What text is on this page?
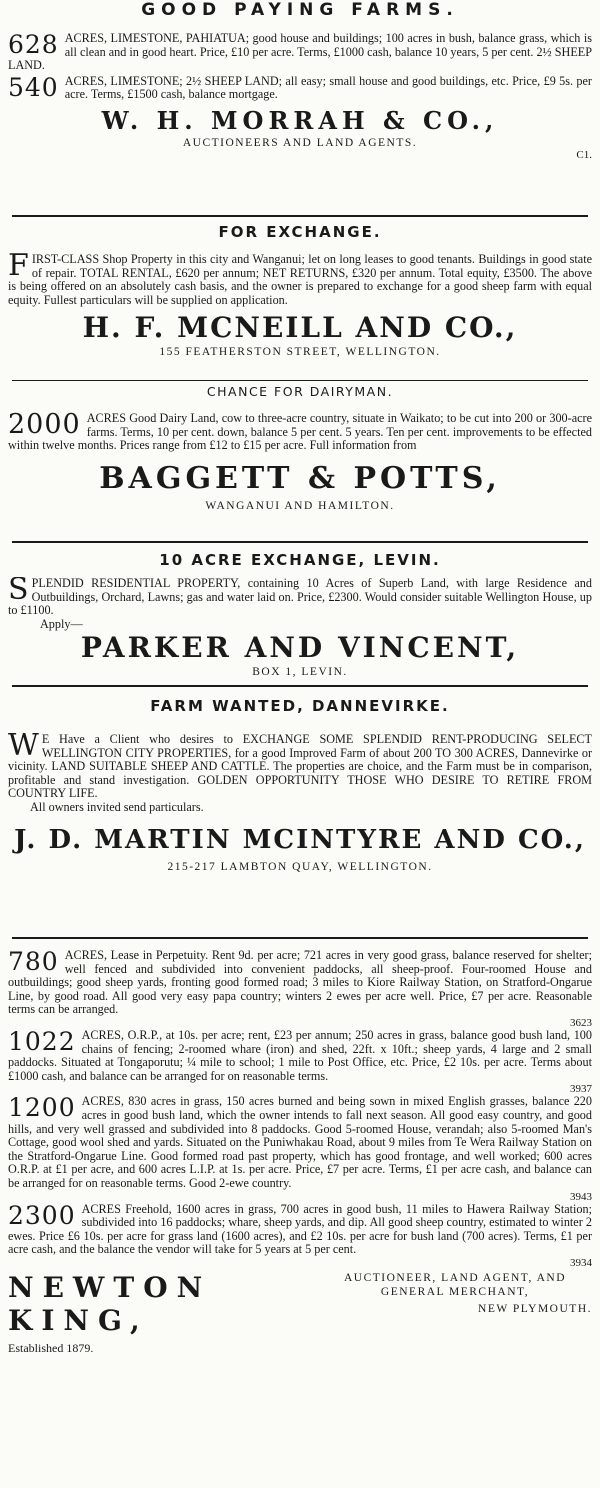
GOOD PAYING FARMS.
628 ACRES, LIMESTONE, PAHIATUA; good house and buildings; 100 acres in bush, balance grass, which is all clean and in good heart. Price, £10 per acre. Terms, £1000 cash, balance 10 years, 5 per cent. 2½ SHEEP LAND.
540 ACRES, LIMESTONE; 2½ SHEEP LAND; all easy; small house and good buildings, etc. Price, £9 5s. per acre. Terms, £1500 cash, balance mortgage.
W. H. MORRAH & CO.,
AUCTIONEERS AND LAND AGENTS.
C1.
FOR EXCHANGE.
F IRST-CLASS Shop Property in this city and Wanganui; let on long leases to good tenants. Buildings in good state of repair. TOTAL RENTAL, £620 per annum; NET RETURNS, £320 per annum. Total equity, £3500. The above is being offered on an absolutely cash basis, and the owner is prepared to exchange for a good sheep farm with equal equity. Fullest particulars will be supplied on application.
H. F. MCNEILL AND CO.,
155 FEATHERSTON STREET, WELLINGTON.
CHANCE FOR DAIRYMAN.
2000 ACRES Good Dairy Land, cow to three-acre country, situate in Waikato; to be cut into 200 or 300-acre farms. Terms, 10 per cent. down, balance 5 per cent. 5 years. Ten per cent. improvements to be effected within twelve months. Prices range from £12 to £15 per acre. Full information from
BAGGETT & POTTS,
WANGANUI AND HAMILTON.
10 ACRE EXCHANGE, LEVIN.
S PLENDID RESIDENTIAL PROPERTY, containing 10 Acres of Superb Land, with large Residence and Outbuildings, Orchard, Lawns; gas and water laid on. Price, £2300. Would consider suitable Wellington House, up to £1100.
Apply—
PARKER AND VINCENT,
BOX 1, LEVIN.
FARM WANTED, DANNEVIRKE.
W E Have a Client who desires to EXCHANGE SOME SPLENDID RENT-PRODUCING SELECT WELLINGTON CITY PROPERTIES, for a good Improved Farm of about 200 TO 300 ACRES, Dannevirke or vicinity. LAND SUITABLE SHEEP AND CATTLE. The properties are choice, and the Farm must be in comparison, profitable and stand investigation. GOLDEN OPPORTUNITY THOSE WHO DESIRE TO RETIRE FROM COUNTRY LIFE.
All owners invited send particulars.
J. D. MARTIN MCINTYRE AND CO.,
215-217 LAMBTON QUAY, WELLINGTON.
780 ACRES, Lease in Perpetuity. Rent 9d. per acre; 721 acres in very good grass, balance reserved for shelter; well fenced and subdivided into convenient paddocks, all sheep-proof. Four-roomed House and outbuildings; good sheep yards, fronting good formed road; 3 miles to Kiore Railway Station, on Stratford-Ongarue Line, by good road. All good very easy papa country; winters 2 ewes per acre well. Price, £7 per acre. Reasonable terms can be arranged.
3623
1022 ACRES, O.R.P., at 10s. per acre; rent, £23 per annum; 250 acres in grass, balance good bush land, 100 chains of fencing; 2-roomed whare (iron) and shed, 22ft. x 10ft.; sheep yards, 4 large and 2 small paddocks. Situated at Tongaporutu; ¼ mile to school; 1 mile to Post Office, etc. Price, £2 10s. per acre. Terms about £1000 cash, and balance can be arranged for on reasonable terms.
3937
1200 ACRES, 830 acres in grass, 150 acres burned and being sown in mixed English grasses, balance 220 acres in good bush land, which the owner intends to fall next season. All good easy country, and good hills, and very well grassed and subdivided into 8 paddocks. Good 5-roomed House, verandah; also 5-roomed Man's Cottage, good wool shed and yards. Situated on the Puniwhakau Road, about 9 miles from Te Wera Railway Station on the Stratford-Ongarue Line. Good formed road past property, which has good frontage, and well worked; 600 acres O.R.P. at £1 per acre, and 600 acres L.I.P. at 1s. per acre. Price, £7 per acre. Terms, £1 per acre cash, and balance can be arranged for on reasonable terms. Good 2-ewe country.
3943
2300 ACRES Freehold, 1600 acres in grass, 700 acres in good bush, 11 miles to Hawera Railway Station; subdivided into 16 paddocks; whare, sheep yards, and dip. All good sheep country, estimated to winter 2 ewes. Price £6 10s. per acre for grass land (1600 acres), and £2 10s. per acre for bush land (700 acres). Terms, £1 per acre cash, and the balance the vendor will take for 5 years at 5 per cent.
3934
NEWTON KING,
Established 1879.
AUCTIONEER, LAND AGENT, AND GENERAL MERCHANT,
NEW PLYMOUTH.
